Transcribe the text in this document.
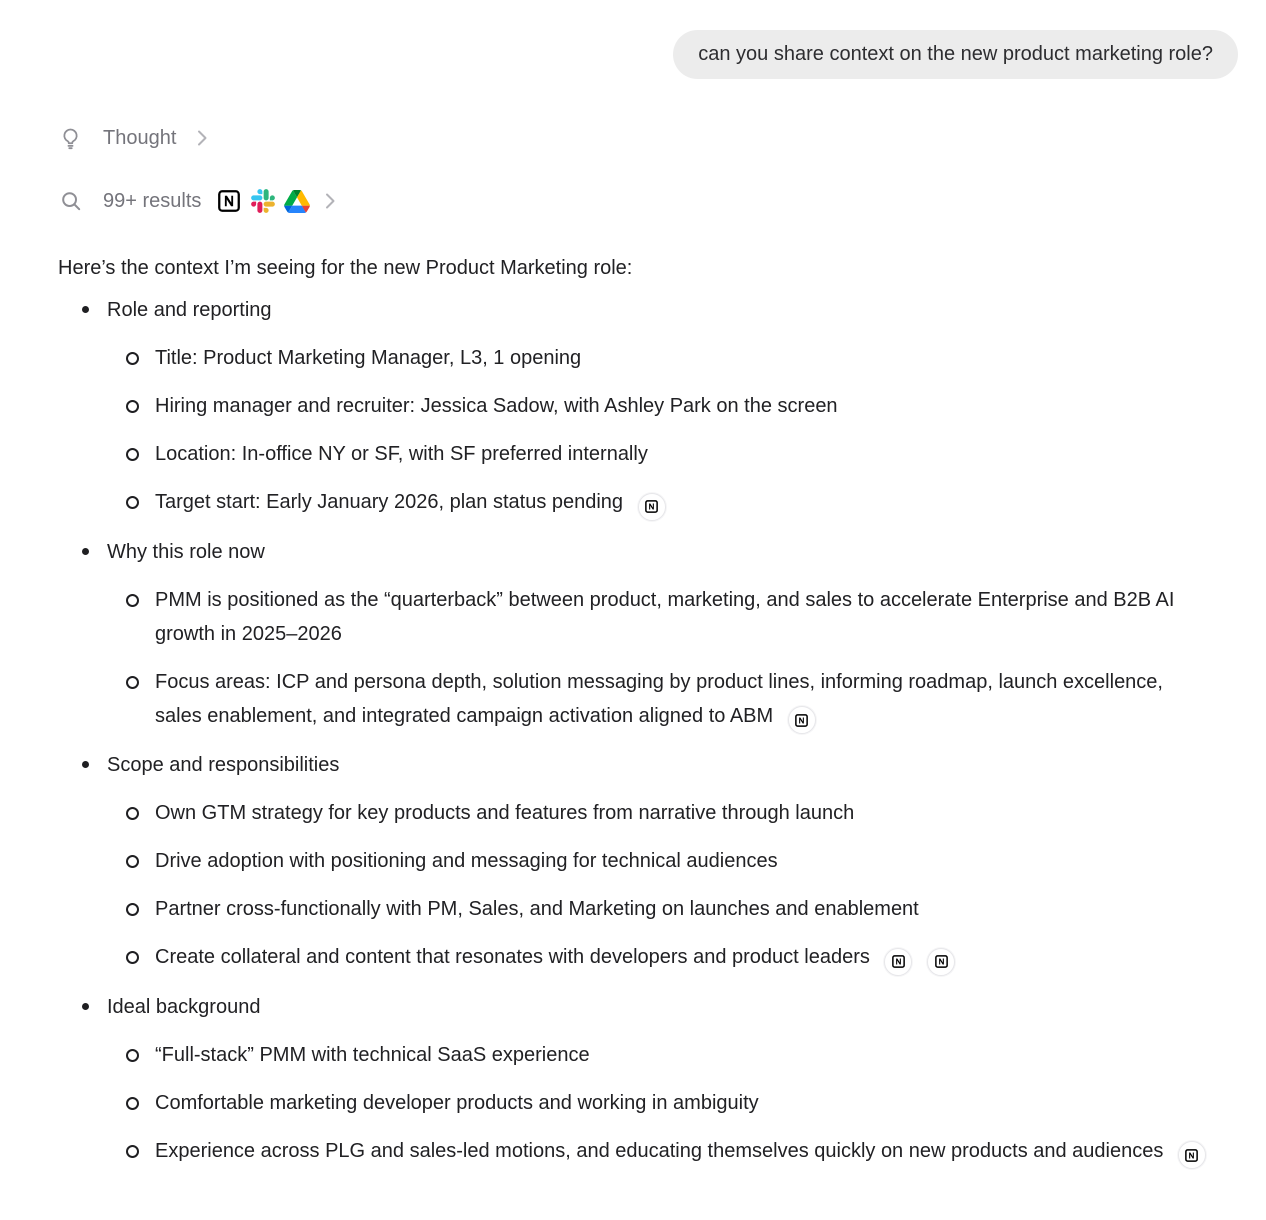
can you share context on the new product marketing role?
Thought
99+ results

Here’s the context I’m seeing for the new Product Marketing role:

Role and reporting
Title: Product Marketing Manager, L3, 1 opening
Hiring manager and recruiter: Jessica Sadow, with Ashley Park on the screen
Location: In-office NY or SF, with SF preferred internally
Target start: Early January 2026, plan status pending
Why this role now
PMM is positioned as the “quarterback” between product, marketing, and sales to accelerate Enterprise and B2B AI growth in 2025–2026
Focus areas: ICP and persona depth, solution messaging by product lines, informing roadmap, launch excellence, sales enablement, and integrated campaign activation aligned to ABM
Scope and responsibilities
Own GTM strategy for key products and features from narrative through launch
Drive adoption with positioning and messaging for technical audiences
Partner cross-functionally with PM, Sales, and Marketing on launches and enablement
Create collateral and content that resonates with developers and product leaders

Ideal background
“Full-stack” PMM with technical SaaS experience
Comfortable marketing developer products and working in ambiguity
Experience across PLG and sales-led motions, and educating themselves quickly on new products and audiences
